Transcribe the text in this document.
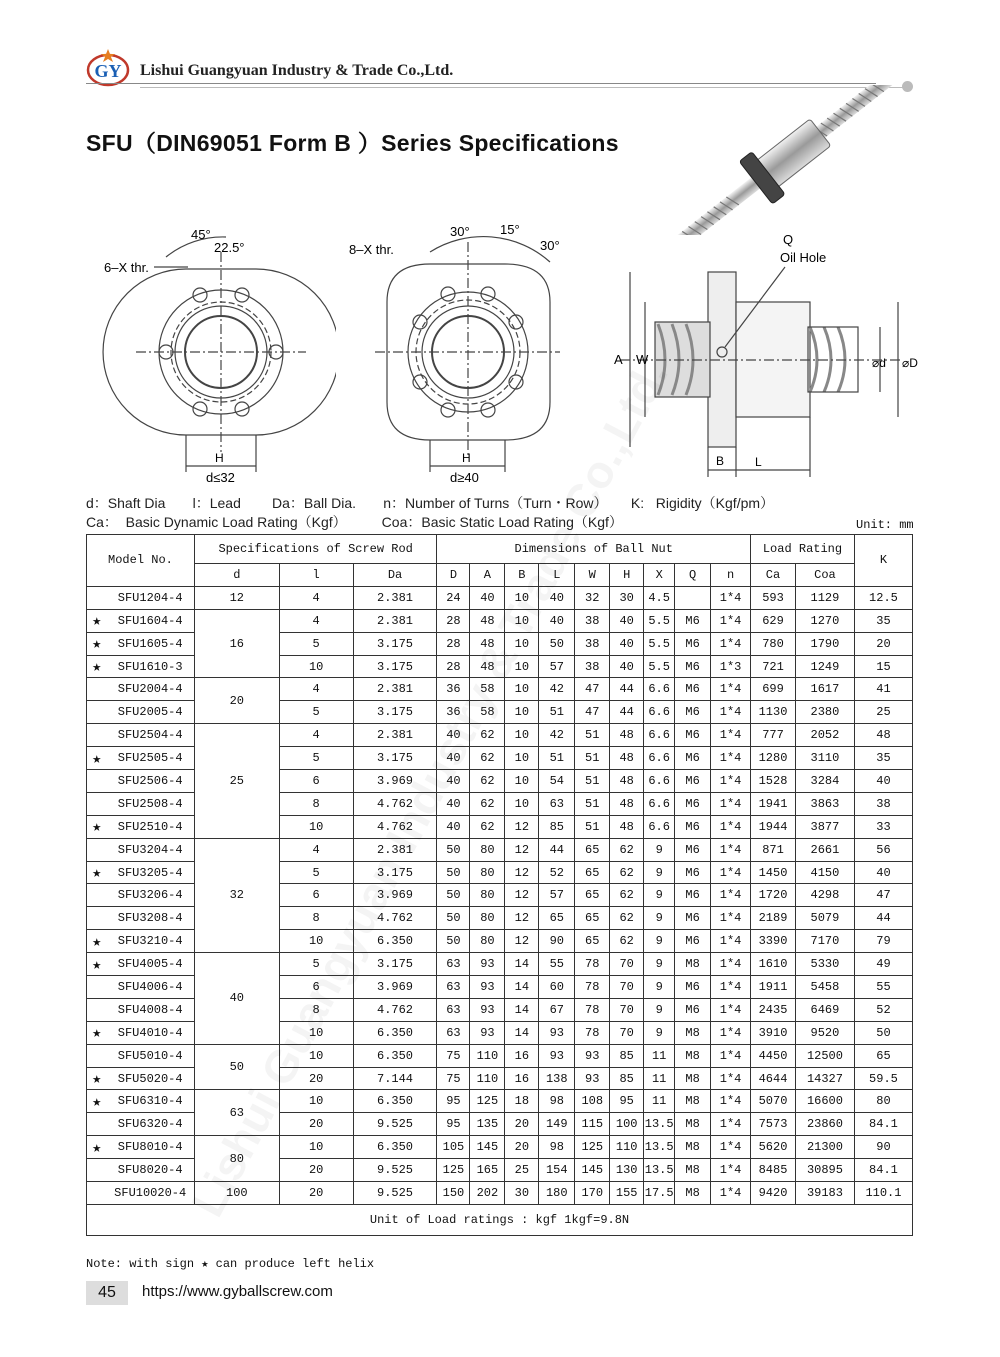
GY Lishui Guangyuan Industry & Trade Co.,Ltd.
SFU（DIN69051 Form B ）Series Specifications
6–X thr.
45°
22.5°
H
d≤32
8–X thr.
30° 15°
30°
H
d≥40
Q
Oil Hole
A W
B	L
⌀d ⌀D
d：Shaft Dia       l：Lead        Da：Ball Dia.       n：Number of Turns（Turn・Row）      K:   Rigidity（Kgf/pm）
Ca：  Basic Dynamic Load Rating（Kgf）         Coa：Basic Static Load Rating（Kgf）	Unit: mm
Model No.		Specifications of Screw Rod			Dimensions of Ball Nut									Load Rating		K
		d	l	Da	D	A	B	L	W	H	X	Q	n	Ca	Coa	
	SFU1204-4	12	4	2.381	24	40	10	40	32	30	4.5		1*4	593	1129	12.5
★	SFU1604-4	16	4	2.381	28	48	10	40	38	40	5.5	M6	1*4	629	1270	35
★	SFU1605-4		5	3.175	28	48	10	50	38	40	5.5	M6	1*4	780	1790	20
★	SFU1610-3		10	3.175	28	48	10	57	38	40	5.5	M6	1*3	721	1249	15
	SFU2004-4	20	4	2.381	36	58	10	42	47	44	6.6	M6	1*4	699	1617	41
	SFU2005-4		5	3.175	36	58	10	51	47	44	6.6	M6	1*4	1130	2380	25
	SFU2504-4	25	4	2.381	40	62	10	42	51	48	6.6	M6	1*4	777	2052	48
★	SFU2505-4		5	3.175	40	62	10	51	51	48	6.6	M6	1*4	1280	3110	35
	SFU2506-4		6	3.969	40	62	10	54	51	48	6.6	M6	1*4	1528	3284	40
	SFU2508-4		8	4.762	40	62	10	63	51	48	6.6	M6	1*4	1941	3863	38
★	SFU2510-4		10	4.762	40	62	12	85	51	48	6.6	M6	1*4	1944	3877	33
	SFU3204-4	32	4	2.381	50	80	12	44	65	62	9	M6	1*4	871	2661	56
★	SFU3205-4		5	3.175	50	80	12	52	65	62	9	M6	1*4	1450	4150	40
	SFU3206-4		6	3.969	50	80	12	57	65	62	9	M6	1*4	1720	4298	47
	SFU3208-4		8	4.762	50	80	12	65	65	62	9	M6	1*4	2189	5079	44
★	SFU3210-4		10	6.350	50	80	12	90	65	62	9	M6	1*4	3390	7170	79
★	SFU4005-4	40	5	3.175	63	93	14	55	78	70	9	M8	1*4	1610	5330	49
	SFU4006-4		6	3.969	63	93	14	60	78	70	9	M6	1*4	1911	5458	55
	SFU4008-4		8	4.762	63	93	14	67	78	70	9	M6	1*4	2435	6469	52
★	SFU4010-4		10	6.350	63	93	14	93	78	70	9	M8	1*4	3910	9520	50
	SFU5010-4	50	10	6.350	75	110	16	93	93	85	11	M8	1*4	4450	12500	65
★	SFU5020-4		20	7.144	75	110	16	138	93	85	11	M8	1*4	4644	14327	59.5
★	SFU6310-4	63	10	6.350	95	125	18	98	108	95	11	M8	1*4	5070	16600	80
	SFU6320-4		20	9.525	95	135	20	149	115	100	13.5	M8	1*4	7573	23860	84.1
★	SFU8010-4	80	10	6.350	105	145	20	98	125	110	13.5	M8	1*4	5620	21300	90
	SFU8020-4		20	9.525	125	165	25	154	145	130	13.5	M8	1*4	8485	30895	84.1
	SFU10020-4	100	20	9.525	150	202	30	180	170	155	17.5	M8	1*4	9420	39183	110.1
Unit of Load ratings : kgf 1kgf=9.8N																
Note: with sign ★ can produce left helix
45	https://www.gyballscrew.com
